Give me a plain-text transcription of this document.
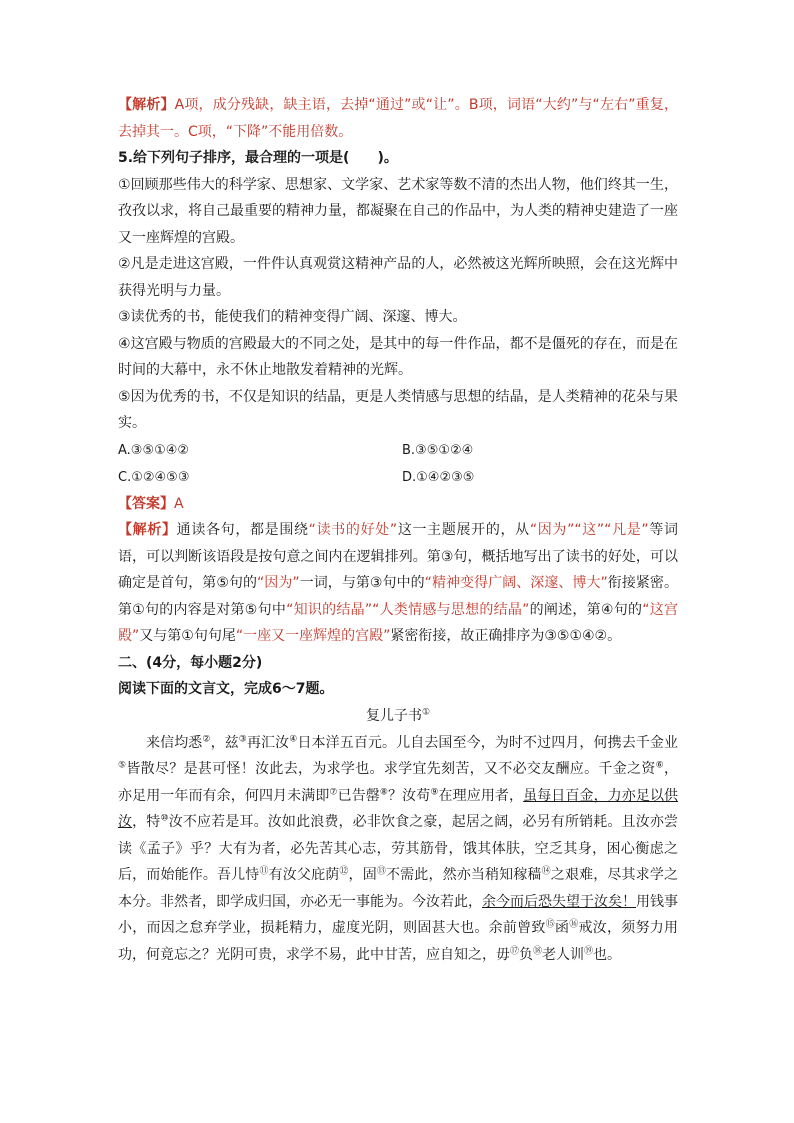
【解析】A项，成分残缺，缺主语，去掉“通过”或“让”。B项，词语“大约”与“左右”重复，去掉其一。C项，“下降”不能用倍数。

5.给下列句子排序，最合理的一项是(　　)。

①回顾那些伟大的科学家、思想家、文学家、艺术家等数不清的杰出人物，他们终其一生，孜孜以求，将自己最重要的精神力量，都凝聚在自己的作品中，为人类的精神史建造了一座又一座辉煌的宫殿。

②凡是走进这宫殿，一件件认真观赏这精神产品的人，必然被这光辉所映照，会在这光辉中获得光明与力量。

③读优秀的书，能使我们的精神变得广阔、深邃、博大。

④这宫殿与物质的宫殿最大的不同之处，是其中的每一件作品，都不是僵死的存在，而是在时间的大幕中，永不休止地散发着精神的光辉。

⑤因为优秀的书，不仅是知识的结晶，更是人类情感与思想的结晶，是人类精神的花朵与果实。

A.③⑤①④②	B.③⑤①②④
C.①②④⑤③	D.①④②③⑤

【答案】A

【解析】通读各句，都是围绕“读书的好处”这一主题展开的，从“因为”“这”“凡是”等词语，可以判断该语段是按句意之间内在逻辑排列。第③句，概括地写出了读书的好处，可以确定是首句，第⑤句的“因为”一词，与第③句中的“精神变得广阔、深邃、博大”衔接紧密。第①句的内容是对第⑤句中“知识的结晶”“人类情感与思想的结晶”的阐述，第④句的“这宫殿”又与第①句句尾“一座又一座辉煌的宫殿”紧密衔接，故正确排序为③⑤①④②。

二、(4分，每小题2分)

阅读下面的文言文，完成6～7题。

复儿子书①

来信均悉②，兹③再汇汝④日本洋五百元。儿自去国至今，为时不过四月，何携去千金业⑤皆散尽？是甚可怪！汝此去，为求学也。求学宜先刻苦，又不必交友酬应。千金之资⑥，亦足用一年而有余，何四月未满即⑦已告罄⑧？汝苟⑨在理应用者，虽每日百金，力亦足以供汝，特⑩汝不应若是耳。汝如此浪费，必非饮食之豪，起居之阔，必另有所销耗。且汝亦尝读《孟子》乎？大有为者，必先苦其心志，劳其筋骨，饿其体肤，空乏其身，困心衡虑之后，而始能作。吾儿恃⑪有汝父庇荫⑫，固⑬不需此，然亦当稍知稼穑⑭之艰难，尽其求学之本分。非然者，即学成归国，亦必无一事能为。今汝若此，余今而后恐失望于汝矣！用钱事小，而因之怠弃学业，损耗精力，虚度光阴，则固甚大也。余前曾致⑮函⑯戒汝，须努力用功，何竟忘之？光阴可贵，求学不易，此中甘苦，应自知之，毋⑰负⑱老人训⑲也。
